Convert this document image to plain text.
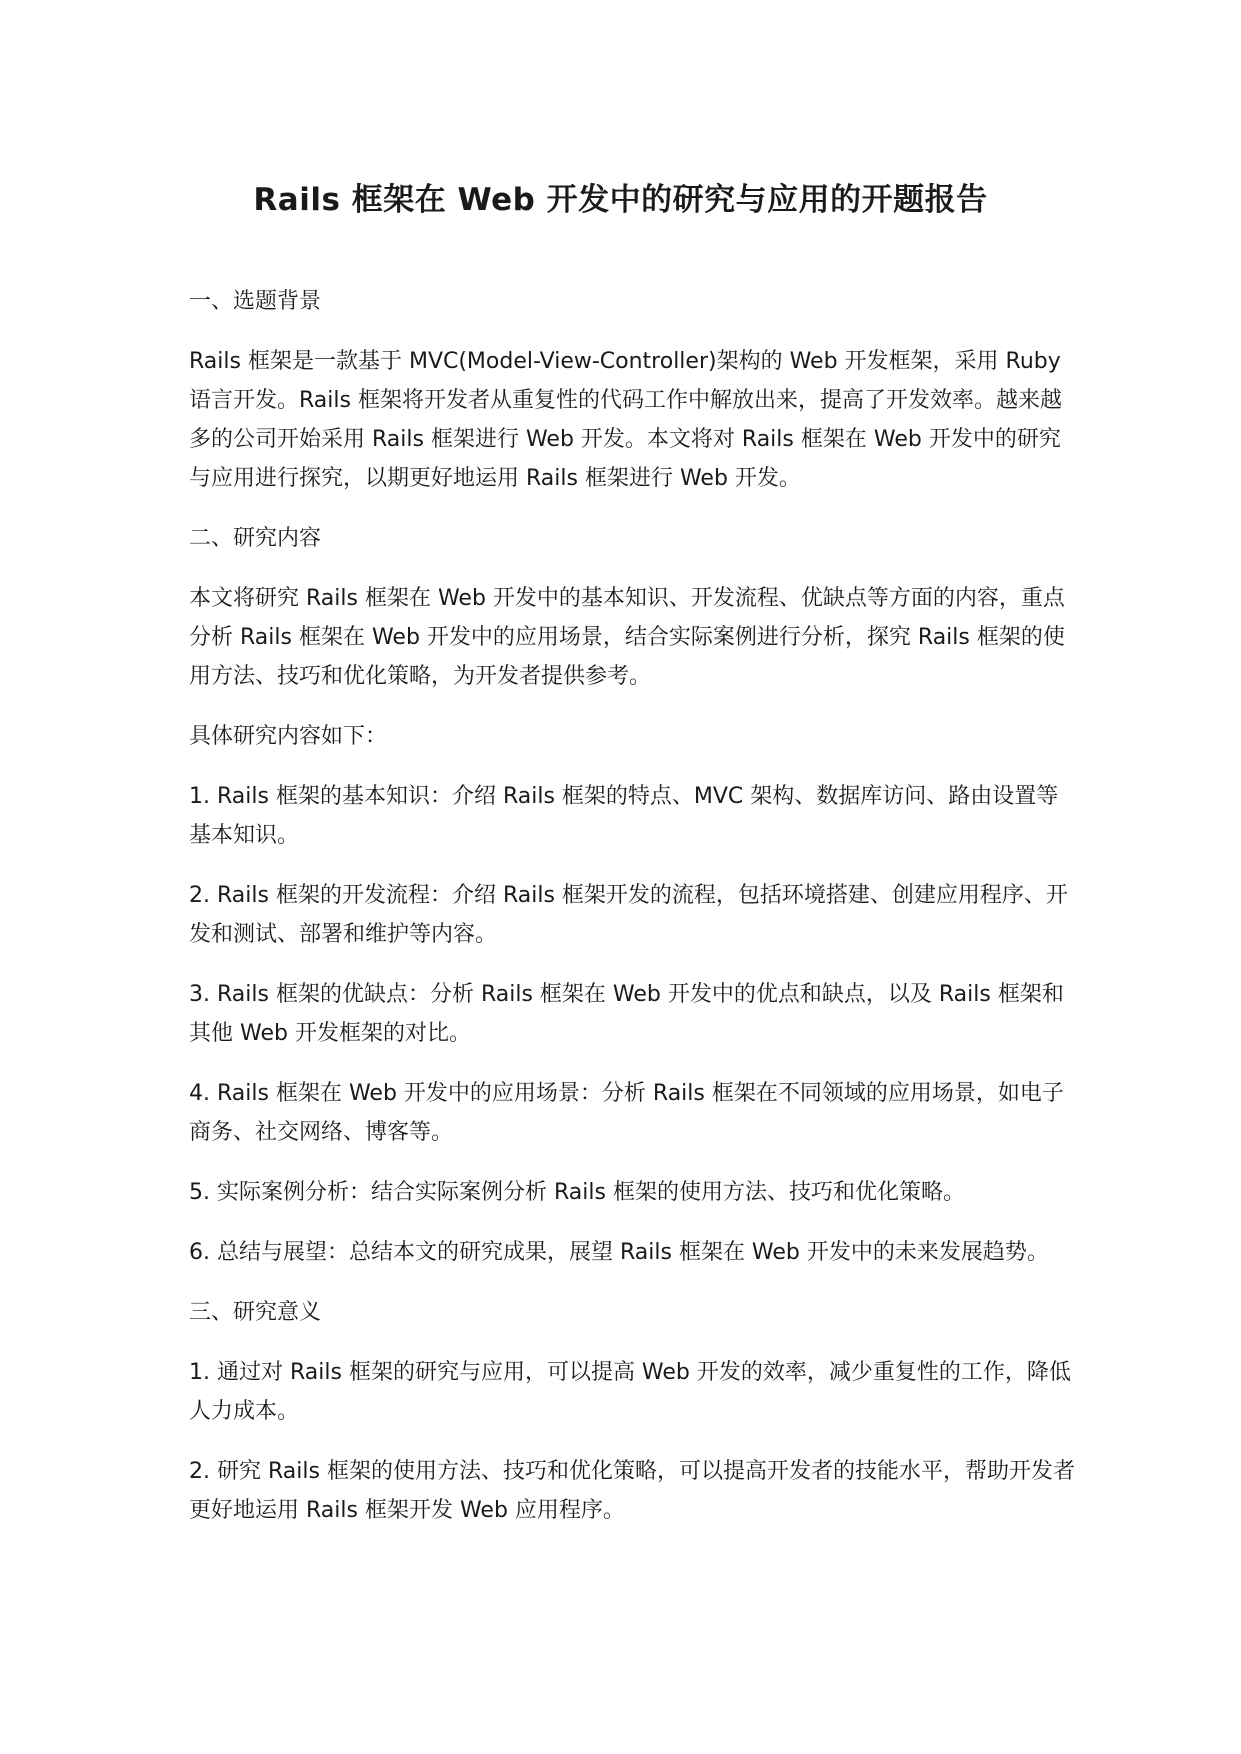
Rails 框架在 Web 开发中的研究与应用的开题报告

一、选题背景

Rails 框架是一款基于 MVC(Model-View-Controller)架构的 Web 开发框架，采用 Ruby 语言开发。Rails 框架将开发者从重复性的代码工作中解放出来，提高了开发效率。越来越多的公司开始采用 Rails 框架进行 Web 开发。本文将对 Rails 框架在 Web 开发中的研究与应用进行探究，以期更好地运用 Rails 框架进行 Web 开发。

二、研究内容

本文将研究 Rails 框架在 Web 开发中的基本知识、开发流程、优缺点等方面的内容，重点分析 Rails 框架在 Web 开发中的应用场景，结合实际案例进行分析，探究 Rails 框架的使用方法、技巧和优化策略，为开发者提供参考。

具体研究内容如下：

1. Rails 框架的基本知识：介绍 Rails 框架的特点、MVC 架构、数据库访问、路由设置等基本知识。

2. Rails 框架的开发流程：介绍 Rails 框架开发的流程，包括环境搭建、创建应用程序、开发和测试、部署和维护等内容。

3. Rails 框架的优缺点：分析 Rails 框架在 Web 开发中的优点和缺点，以及 Rails 框架和其他 Web 开发框架的对比。

4. Rails 框架在 Web 开发中的应用场景：分析 Rails 框架在不同领域的应用场景，如电子商务、社交网络、博客等。

5. 实际案例分析：结合实际案例分析 Rails 框架的使用方法、技巧和优化策略。

6. 总结与展望：总结本文的研究成果，展望 Rails 框架在 Web 开发中的未来发展趋势。

三、研究意义

1. 通过对 Rails 框架的研究与应用，可以提高 Web 开发的效率，减少重复性的工作，降低人力成本。

2. 研究 Rails 框架的使用方法、技巧和优化策略，可以提高开发者的技能水平，帮助开发者更好地运用 Rails 框架开发 Web 应用程序。
